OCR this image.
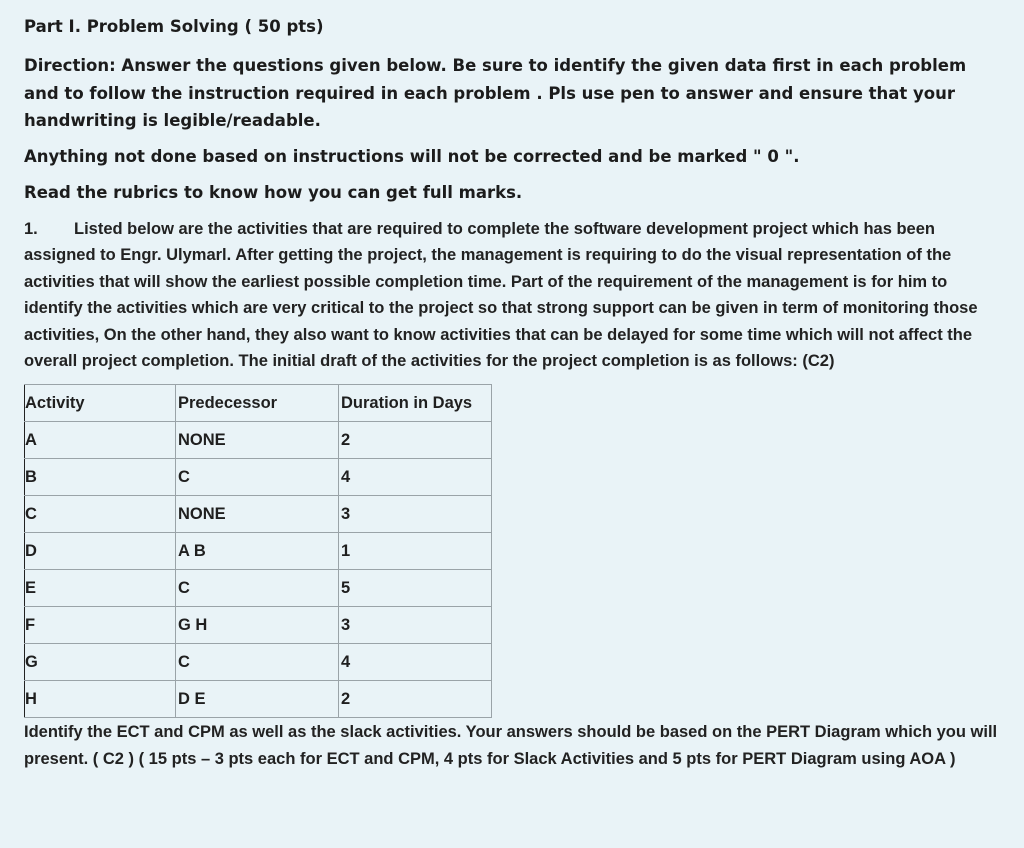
Part I. Problem Solving ( 50 pts)
Direction: Answer the questions given below. Be sure to identify the given data first in each problem and to follow the instruction required in each problem . Pls use pen to answer and ensure that your handwriting is legible/readable.
Anything not done based on instructions will not be corrected and be marked " 0 ".
Read the rubrics to know how you can get full marks.
1. Listed below are the activities that are required to complete the software development project which has been assigned to Engr. Ulymarl. After getting the project, the management is requiring to do the visual representation of the activities that will show the earliest possible completion time. Part of the requirement of the management is for him to identify the activities which are very critical to the project so that strong support can be given in term of monitoring those activities, On the other hand, they also want to know activities that can be delayed for some time which will not affect the overall project completion. The initial draft of the activities for the project completion is as follows: (C2)
Activity	Predecessor	Duration in Days
A	NONE	2
B	C	4
C	NONE	3
D	A B	1
E	C	5
F	G H	3
G	C	4
H	D E	2
Identify the ECT and CPM as well as the slack activities. Your answers should be based on the PERT Diagram which you will present. ( C2 ) ( 15 pts – 3 pts each for ECT and CPM, 4 pts for Slack Activities and 5 pts for PERT Diagram using AOA )
